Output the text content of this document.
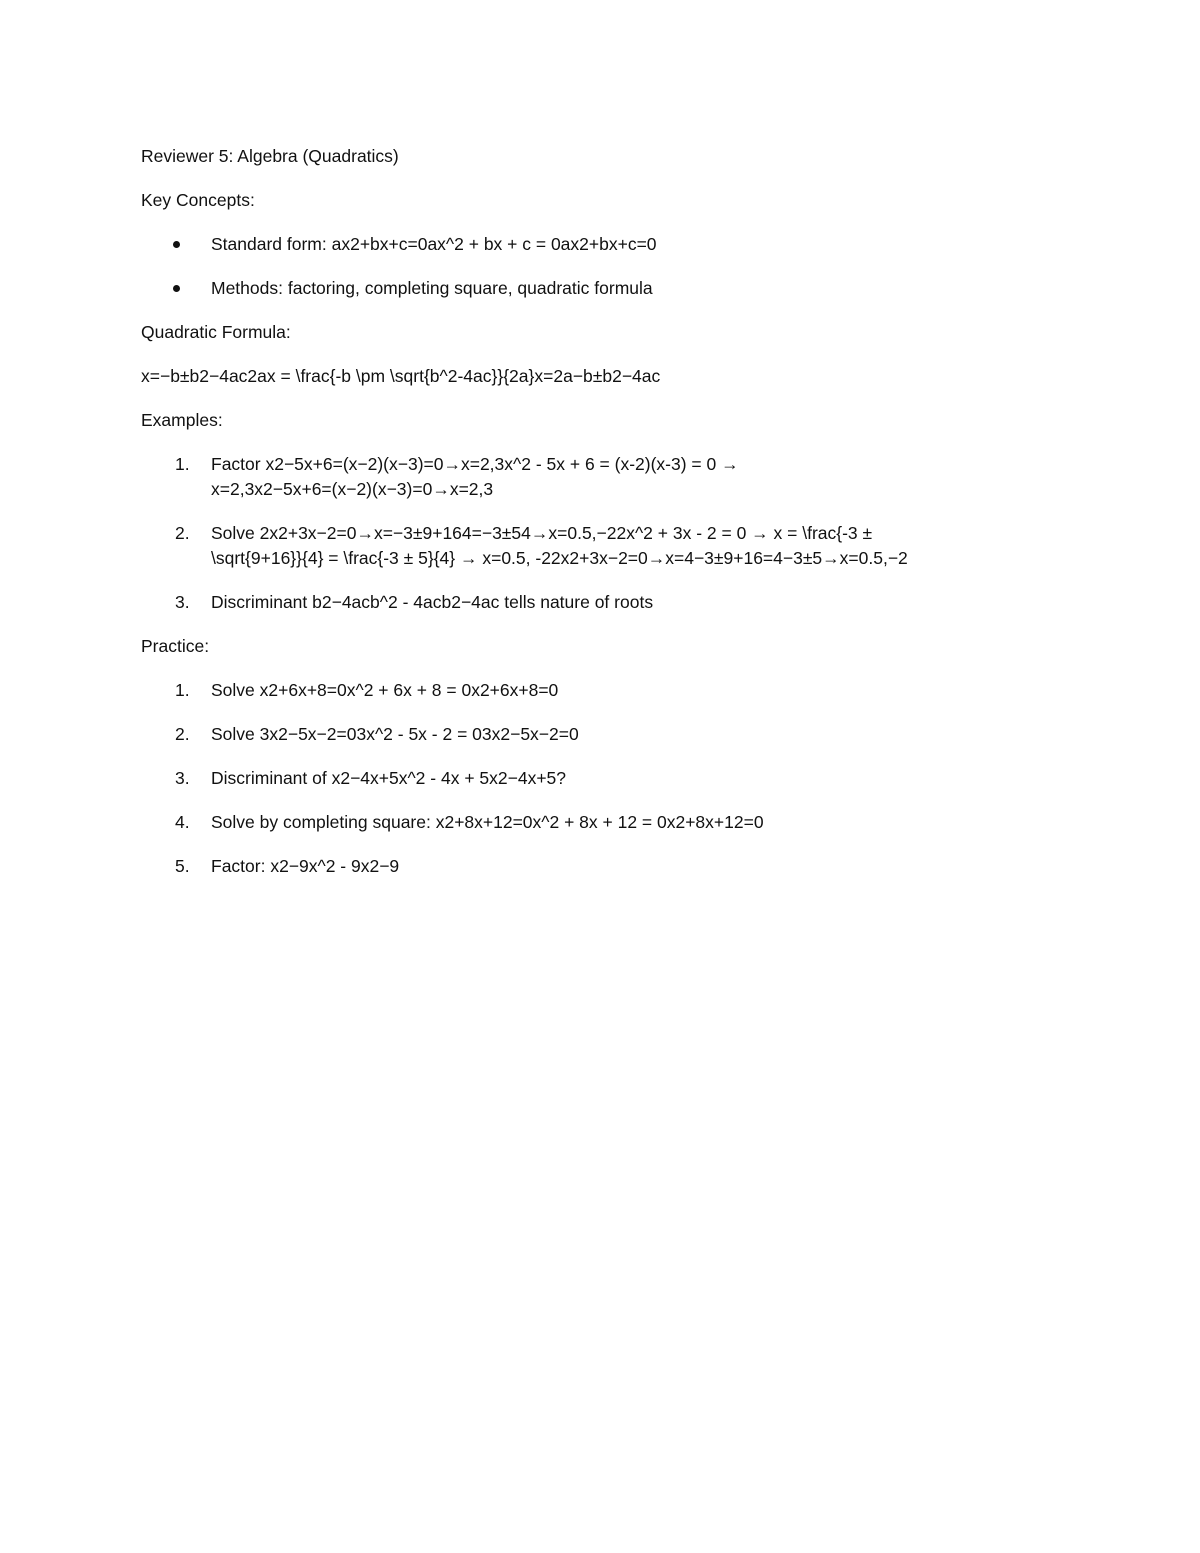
Reviewer 5: Algebra (Quadratics)

Key Concepts:

Standard form: ax2+bx+c=0ax^2 + bx + c = 0ax2+bx+c=0
Methods: factoring, completing square, quadratic formula

Quadratic Formula:

x=−b±b2−4ac2ax = \frac{-b \pm \sqrt{b^2-4ac}}{2a}x=2a−b±b2−4ac

Examples:

1. Factor x2−5x+6=(x−2)(x−3)=0→x=2,3x^2 - 5x + 6 = (x-2)(x-3) = 0 →
x=2,3x2−5x+6=(x−2)(x−3)=0→x=2,3
2. Solve 2x2+3x−2=0→x=−3±9+164=−3±54→x=0.5,−22x^2 + 3x - 2 = 0 → x = \frac{-3 ±
\sqrt{9+16}}{4} = \frac{-3 ± 5}{4} → x=0.5, -22x2+3x−2=0→x=4−3±9+16=4−3±5→x=0.5,−2
3. Discriminant b2−4acb^2 - 4acb2−4ac tells nature of roots

Practice:

1. Solve x2+6x+8=0x^2 + 6x + 8 = 0x2+6x+8=0
2. Solve 3x2−5x−2=03x^2 - 5x - 2 = 03x2−5x−2=0
3. Discriminant of x2−4x+5x^2 - 4x + 5x2−4x+5?
4. Solve by completing square: x2+8x+12=0x^2 + 8x + 12 = 0x2+8x+12=0
5. Factor: x2−9x^2 - 9x2−9
